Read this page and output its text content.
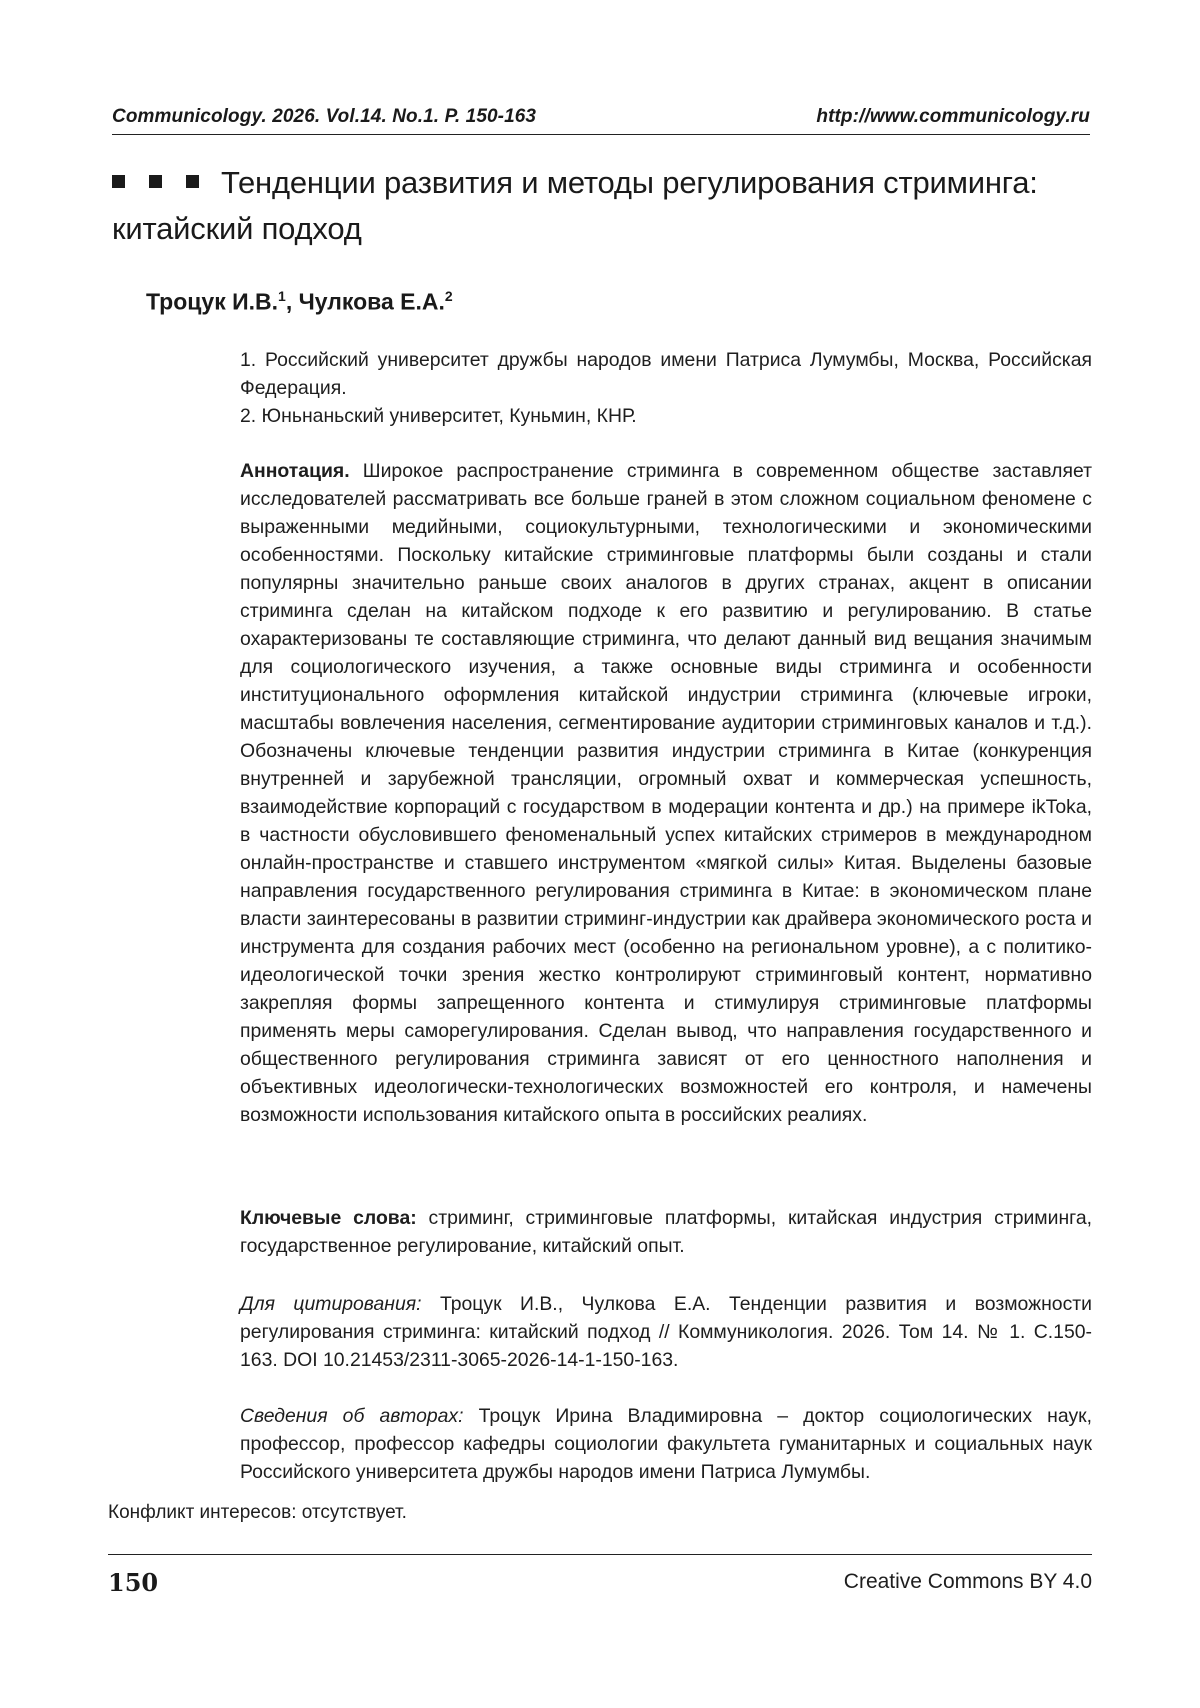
Communicology. 2026. Vol.14. No.1. P. 150-163	http://www.communicology.ru
Тенденции развития и методы регулирования стриминга: китайский подход
Троцук И.В.$^1$, Чулкова Е.А.$^2$

1. Российский университет дружбы народов имени Патриса Лумумбы, Москва, Российская Федерация.

2. Юньнаньский университет, Куньмин, КНР.

Аннотация. Широкое распространение стриминга в современном обществе заставляет исследователей рассматривать все больше граней в этом сложном социальном феномене с выраженными медийными, социокультурными, технологическими и экономическими особенностями. Поскольку китайские стриминговые платформы были созданы и стали популярны значительно раньше своих аналогов в других странах, акцент в описании стриминга сделан на китайском подходе к его развитию и регулированию. В статье охарактеризованы те составляющие стриминга, что делают данный вид вещания значимым для социологического изучения, а также основные виды стриминга и особенности институционального оформления китайской индустрии стриминга (ключевые игроки, масштабы вовлечения населения, сегментирование аудитории стриминговых каналов и т.д.). Обозначены ключевые тенденции развития индустрии стриминга в Китае (конкуренция внутренней и зарубежной трансляции, огромный охват и коммерческая успешность, взаимодействие корпораций с государством в модерации контента и др.) на примере ikToka, в частности обусловившего феноменальный успех китайских стримеров в международном онлайн-пространстве и ставшего инструментом «мягкой силы» Китая. Выделены базовые направления государственного регулирования стриминга в Китае: в экономическом плане власти заинтересованы в развитии стриминг-индустрии как драйвера экономического роста и инструмента для создания рабочих мест (особенно на региональном уровне), а с политико-идеологической точки зрения жестко контролируют стриминговый контент, нормативно закрепляя формы запрещенного контента и стимулируя стриминговые платформы применять меры саморегулирования. Сделан вывод, что направления государственного и общественного регулирования стриминга зависят от его ценностного наполнения и объективных идеологически-технологических возможностей его контроля, и намечены возможности использования китайского опыта в российских реалиях.

Ключевые слова: стриминг, стриминговые платформы, китайская индустрия стриминга, государственное регулирование, китайский опыт.

Для цитирования: Троцук И.В., Чулкова Е.А. Тенденции развития и возможности регулирования стриминга: китайский подход // Коммуникология. 2026. Том 14. № 1. С.150-163. DOI 10.21453/2311-3065-2026-14-1-150-163.

Сведения об авторах: Троцук Ирина Владимировна – доктор социологических наук, профессор, профессор кафедры социологии факультета гуманитарных и социальных наук Российского университета дружбы народов имени Патриса Лумумбы.

Конфликт интересов: отсутствует.
150	Creative Commons BY 4.0
